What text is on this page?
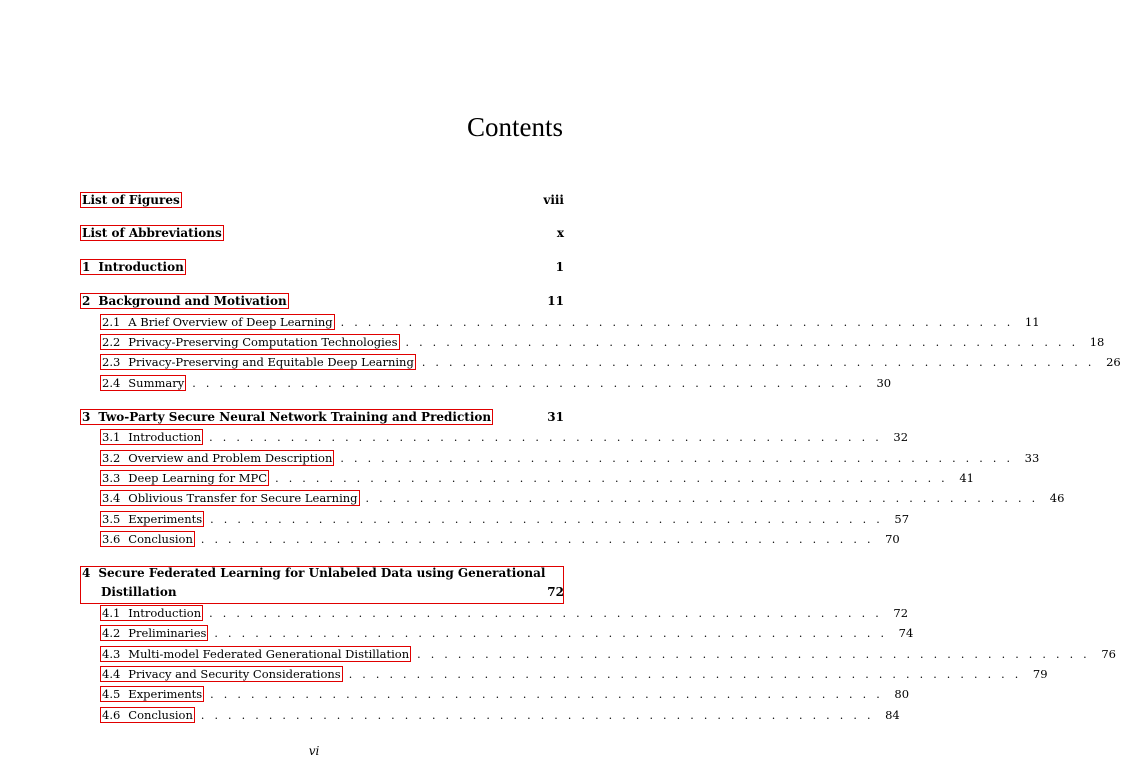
Contents
List of Figures	viii
List of Abbreviations	x
1 Introduction	1
2 Background and Motivation	11
2.1 A Brief Overview of Deep Learning . . . . . . . . . . . . . . . . . . . . . . . . . . . . . . . . . . . . . . . . . . . . . . . . . . 11
2.2 Privacy-Preserving Computation Technologies . . . . . . . . . . . . . . . . . . . . . . . . . . . . . . . . . . . . . . . . . . . . . . . . . . 18
2.3 Privacy-Preserving and Equitable Deep Learning . . . . . . . . . . . . . . . . . . . . . . . . . . . . . . . . . . . . . . . . . . . . . . . . . . 26
2.4 Summary . . . . . . . . . . . . . . . . . . . . . . . . . . . . . . . . . . . . . . . . . . . . . . . . . . 30
3 Two-Party Secure Neural Network Training and Prediction	31
3.1 Introduction . . . . . . . . . . . . . . . . . . . . . . . . . . . . . . . . . . . . . . . . . . . . . . . . . . 32
3.2 Overview and Problem Description . . . . . . . . . . . . . . . . . . . . . . . . . . . . . . . . . . . . . . . . . . . . . . . . . . 33
3.3 Deep Learning for MPC . . . . . . . . . . . . . . . . . . . . . . . . . . . . . . . . . . . . . . . . . . . . . . . . . . 41
3.4 Oblivious Transfer for Secure Learning . . . . . . . . . . . . . . . . . . . . . . . . . . . . . . . . . . . . . . . . . . . . . . . . . . 46
3.5 Experiments . . . . . . . . . . . . . . . . . . . . . . . . . . . . . . . . . . . . . . . . . . . . . . . . . . 57
3.6 Conclusion . . . . . . . . . . . . . . . . . . . . . . . . . . . . . . . . . . . . . . . . . . . . . . . . . . 70
4 Secure Federated Learning for Unlabeled Data using Generational
Distillation	72
4.1 Introduction . . . . . . . . . . . . . . . . . . . . . . . . . . . . . . . . . . . . . . . . . . . . . . . . . . 72
4.2 Preliminaries . . . . . . . . . . . . . . . . . . . . . . . . . . . . . . . . . . . . . . . . . . . . . . . . . . 74
4.3 Multi-model Federated Generational Distillation . . . . . . . . . . . . . . . . . . . . . . . . . . . . . . . . . . . . . . . . . . . . . . . . . . 76
4.4 Privacy and Security Considerations . . . . . . . . . . . . . . . . . . . . . . . . . . . . . . . . . . . . . . . . . . . . . . . . . . 79
4.5 Experiments . . . . . . . . . . . . . . . . . . . . . . . . . . . . . . . . . . . . . . . . . . . . . . . . . . 80
4.6 Conclusion . . . . . . . . . . . . . . . . . . . . . . . . . . . . . . . . . . . . . . . . . . . . . . . . . . 84
vi
